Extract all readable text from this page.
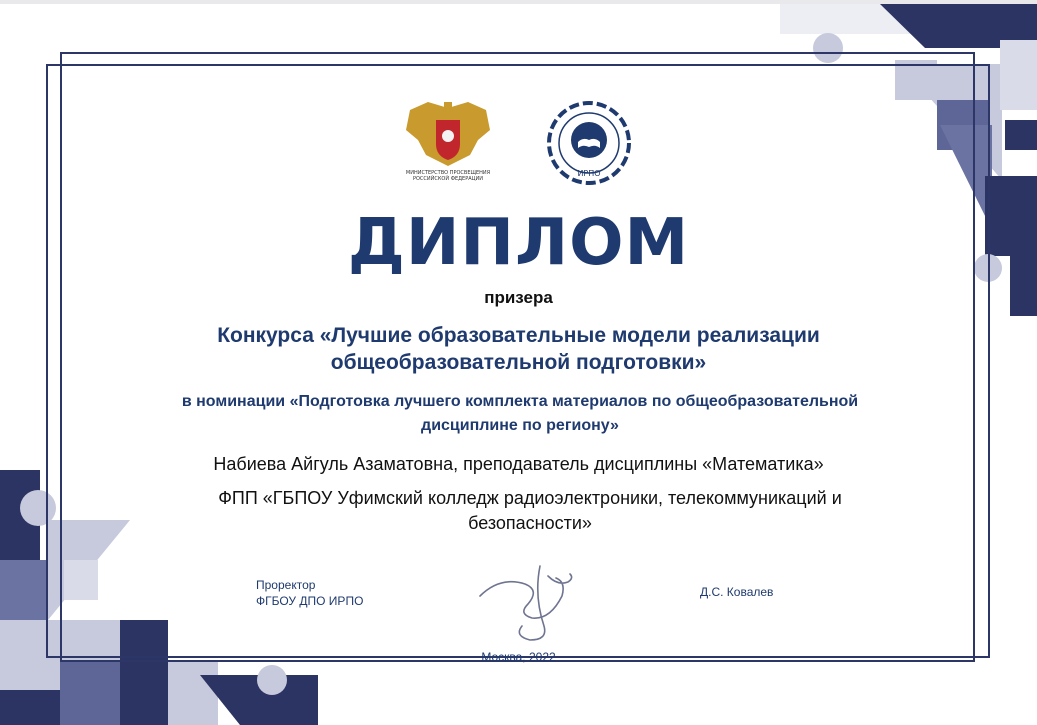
МИНИСТЕРСТВО ПРОСВЕЩЕНИЯ
РОССИЙСКОЙ ФЕДЕРАЦИИ
ИРПО
ДИПЛОМ
призера
Конкурса «Лучшие образовательные модели реализации
общеобразовательной подготовки»
в номинации «Подготовка лучшего комплекта материалов по общеобразовательной
дисциплине по региону»
Набиева Айгуль Азаматовна, преподаватель дисциплины «Математика»
ФПП «ГБПОУ Уфимский колледж радиоэлектроники, телекоммуникаций и
безопасности»
Проректор
ФГБОУ ДПО ИРПО
Д.С. Ковалев
Москва, 2022
